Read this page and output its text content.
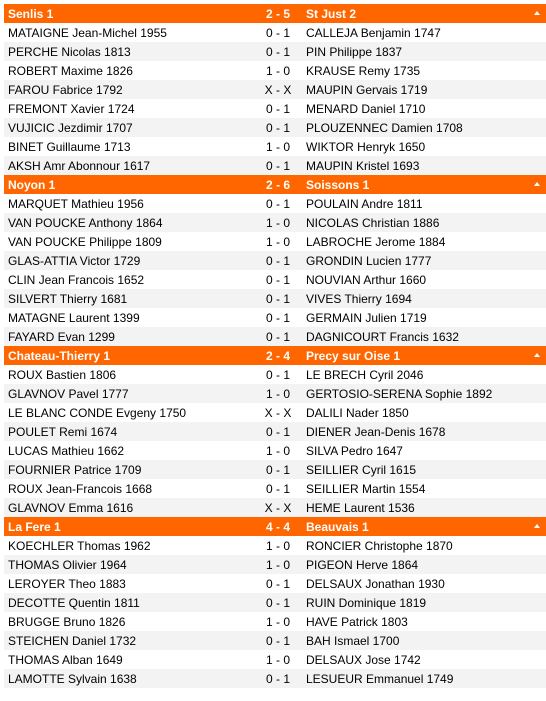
Senlis 1	2 - 5	St Just 2
MATAIGNE Jean-Michel 1955	0 - 1	CALLEJA Benjamin 1747
PERCHE Nicolas 1813	0 - 1	PIN Philippe 1837
ROBERT Maxime 1826	1 - 0	KRAUSE Remy 1735
FAROU Fabrice 1792	X - X	MAUPIN Gervais 1719
FREMONT Xavier 1724	0 - 1	MENARD Daniel 1710
VUJICIC Jezdimir 1707	0 - 1	PLOUZENNEC Damien 1708
BINET Guillaume 1713	1 - 0	WIKTOR Henryk 1650
AKSH Amr Abonnour 1617	0 - 1	MAUPIN Kristel 1693
Noyon 1	2 - 6	Soissons 1
MARQUET Mathieu 1956	0 - 1	POULAIN Andre 1811
VAN POUCKE Anthony 1864	1 - 0	NICOLAS Christian 1886
VAN POUCKE Philippe 1809	1 - 0	LABROCHE Jerome 1884
GLAS-ATTIA Victor 1729	0 - 1	GRONDIN Lucien 1777
CLIN Jean Francois 1652	0 - 1	NOUVIAN Arthur 1660
SILVERT Thierry 1681	0 - 1	VIVES Thierry 1694
MATAGNE Laurent 1399	0 - 1	GERMAIN Julien 1719
FAYARD Evan 1299	0 - 1	DAGNICOURT Francis 1632
Chateau-Thierry 1	2 - 4	Precy sur Oise 1
ROUX Bastien 1806	0 - 1	LE BRECH Cyril 2046
GLAVNOV Pavel 1777	1 - 0	GERTOSIO-SERENA Sophie 1892
LE BLANC CONDE Evgeny 1750	X - X	DALILI Nader 1850
POULET Remi 1674	0 - 1	DIENER Jean-Denis 1678
LUCAS Mathieu 1662	1 - 0	SILVA Pedro 1647
FOURNIER Patrice 1709	0 - 1	SEILLIER Cyril 1615
ROUX Jean-Francois 1668	0 - 1	SEILLIER Martin 1554
GLAVNOV Emma 1616	X - X	HEME Laurent 1536
La Fere 1	4 - 4	Beauvais 1
KOECHLER Thomas 1962	1 - 0	RONCIER Christophe 1870
THOMAS Olivier 1964	1 - 0	PIGEON Herve 1864
LEROYER Theo 1883	0 - 1	DELSAUX Jonathan 1930
DECOTTE Quentin 1811	0 - 1	RUIN Dominique 1819
BRUGGE Bruno 1826	1 - 0	HAVE Patrick 1803
STEICHEN Daniel 1732	0 - 1	BAH Ismael 1700
THOMAS Alban 1649	1 - 0	DELSAUX Jose 1742
LAMOTTE Sylvain 1638	0 - 1	LESUEUR Emmanuel 1749
